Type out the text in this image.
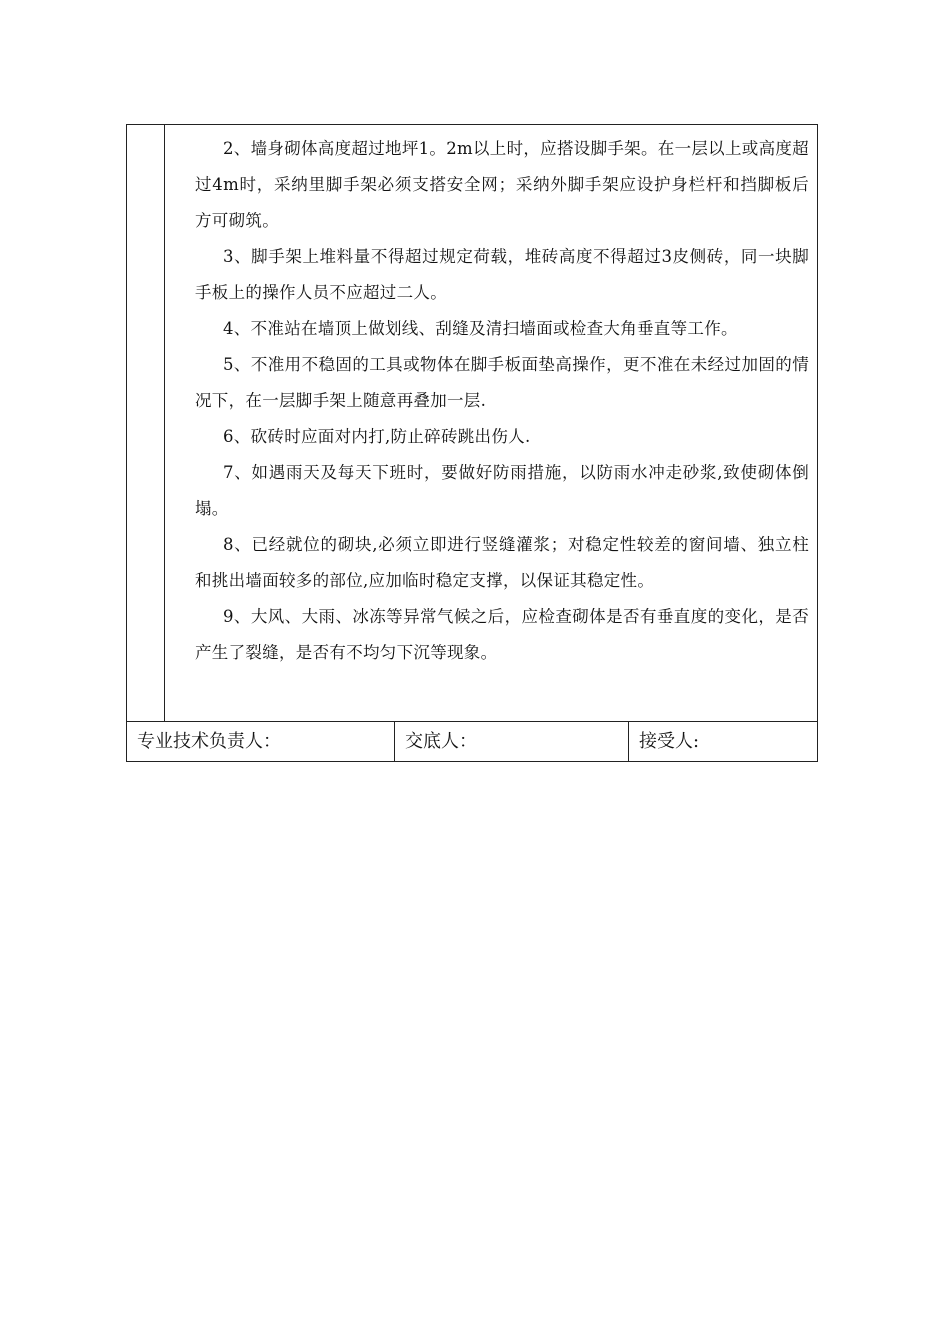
2、墙身砌体高度超过地坪1。2m以上时，应搭设脚手架。在一层以上或高度超过4m时，采纳里脚手架必须支搭安全网；采纳外脚手架应设护身栏杆和挡脚板后方可砌筑。

3、脚手架上堆料量不得超过规定荷载，堆砖高度不得超过3皮侧砖，同一块脚手板上的操作人员不应超过二人。

4、不准站在墙顶上做划线、刮缝及清扫墙面或检查大角垂直等工作。

5、不准用不稳固的工具或物体在脚手板面垫高操作，更不准在未经过加固的情况下，在一层脚手架上随意再叠加一层.

6、砍砖时应面对内打,防止碎砖跳出伤人.

7、如遇雨天及每天下班时，要做好防雨措施，以防雨水冲走砂浆,致使砌体倒塌。

8、已经就位的砌块,必须立即进行竖缝灌浆；对稳定性较差的窗间墙、独立柱和挑出墙面较多的部位,应加临时稳定支撑，以保证其稳定性。

9、大风、大雨、冰冻等异常气候之后，应检查砌体是否有垂直度的变化，是否产生了裂缝，是否有不均匀下沉等现象。

专业技术负责人：	交底人：	接受人:
